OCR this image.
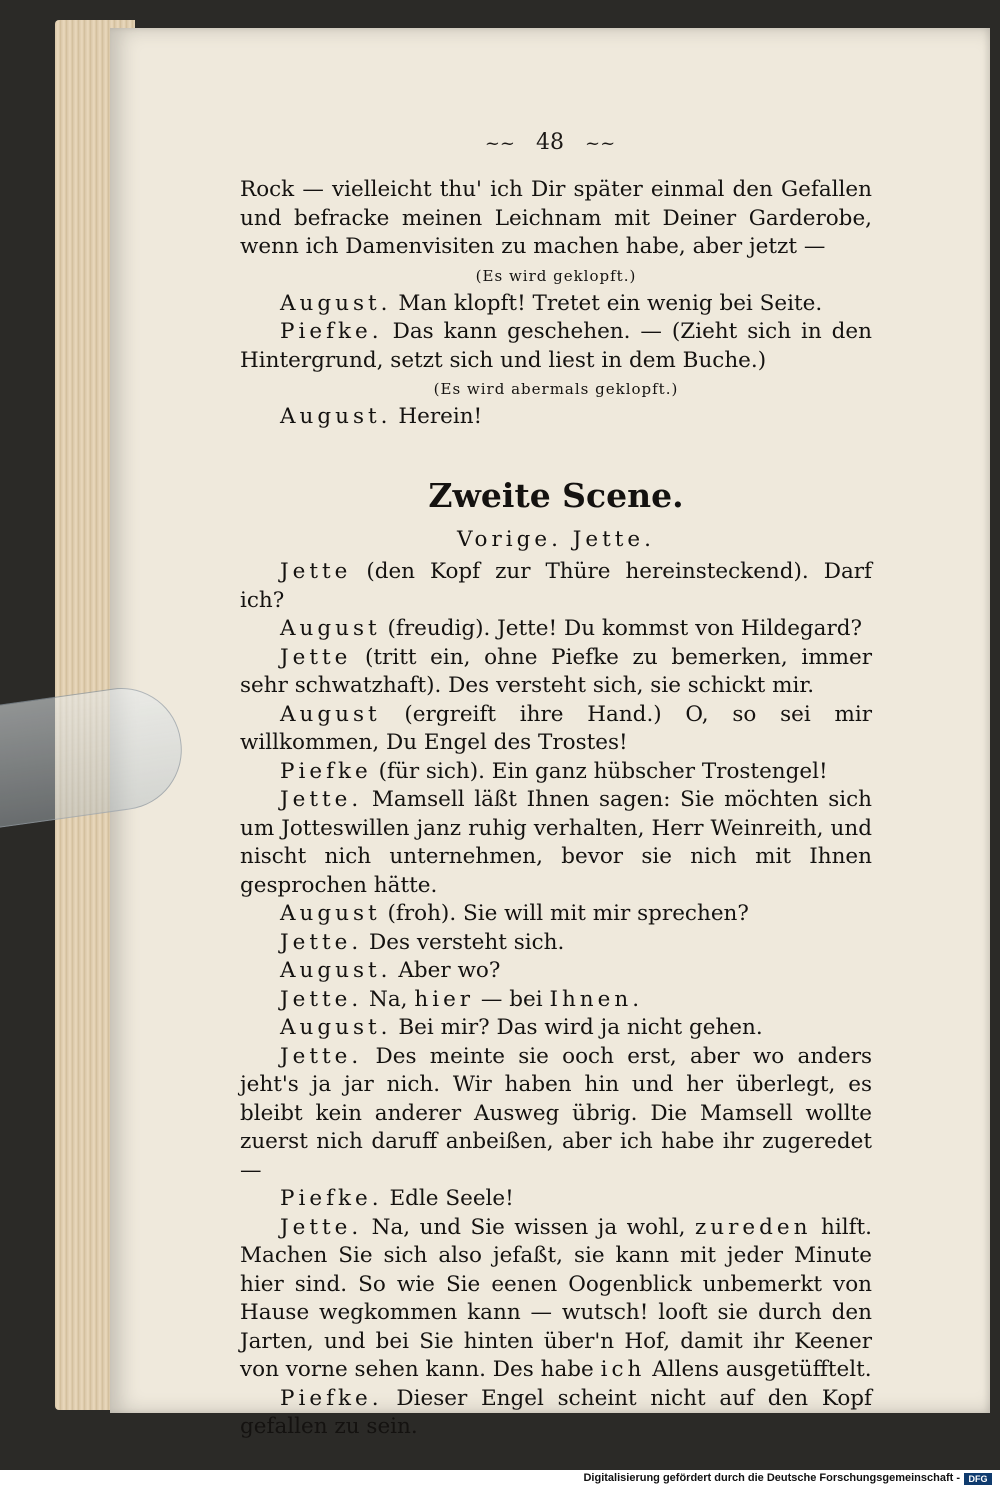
~~ 48 ~~

Rock — vielleicht thu' ich Dir später einmal den Gefallen und befracke meinen Leichnam mit Deiner Garderobe, wenn ich Damenvisiten zu machen habe, aber jetzt —

(Es wird geklopft.)

August. Man klopft! Tretet ein wenig bei Seite.

Piefke. Das kann geschehen. — (Zieht sich in den Hintergrund, setzt sich und liest in dem Buche.)

(Es wird abermals geklopft.)

August. Herein!

Zweite Scene.

Vorige. Jette.

Jette (den Kopf zur Thüre hereinsteckend). Darf ich?

August (freudig). Jette! Du kommst von Hildegard?

Jette (tritt ein, ohne Piefke zu bemerken, immer sehr schwatzhaft). Des versteht sich, sie schickt mir.

August (ergreift ihre Hand.) O, so sei mir willkommen, Du Engel des Trostes!

Piefke (für sich). Ein ganz hübscher Trostengel!

Jette. Mamsell läßt Ihnen sagen: Sie möchten sich um Jotteswillen janz ruhig verhalten, Herr Weinreith, und nischt nich unternehmen, bevor sie nich mit Ihnen gesprochen hätte.

August (froh). Sie will mit mir sprechen?

Jette. Des versteht sich.

August. Aber wo?

Jette. Na, hier — bei Ihnen.

August. Bei mir? Das wird ja nicht gehen.

Jette. Des meinte sie ooch erst, aber wo anders jeht's ja jar nich. Wir haben hin und her überlegt, es bleibt kein anderer Ausweg übrig. Die Mamsell wollte zuerst nich daruff anbeißen, aber ich habe ihr zugeredet —

Piefke. Edle Seele!

Jette. Na, und Sie wissen ja wohl, zureden hilft. Machen Sie sich also jefaßt, sie kann mit jeder Minute hier sind. So wie Sie eenen Oogenblick unbemerkt von Hause wegkommen kann — wutsch! looft sie durch den Jarten, und bei Sie hinten über'n Hof, damit ihr Keener von vorne sehen kann. Des habe ich Allens ausgetüfftelt.

Piefke. Dieser Engel scheint nicht auf den Kopf gefallen zu sein.

Digitalisierung gefördert durch die Deutsche Forschungsgemeinschaft - DFG
